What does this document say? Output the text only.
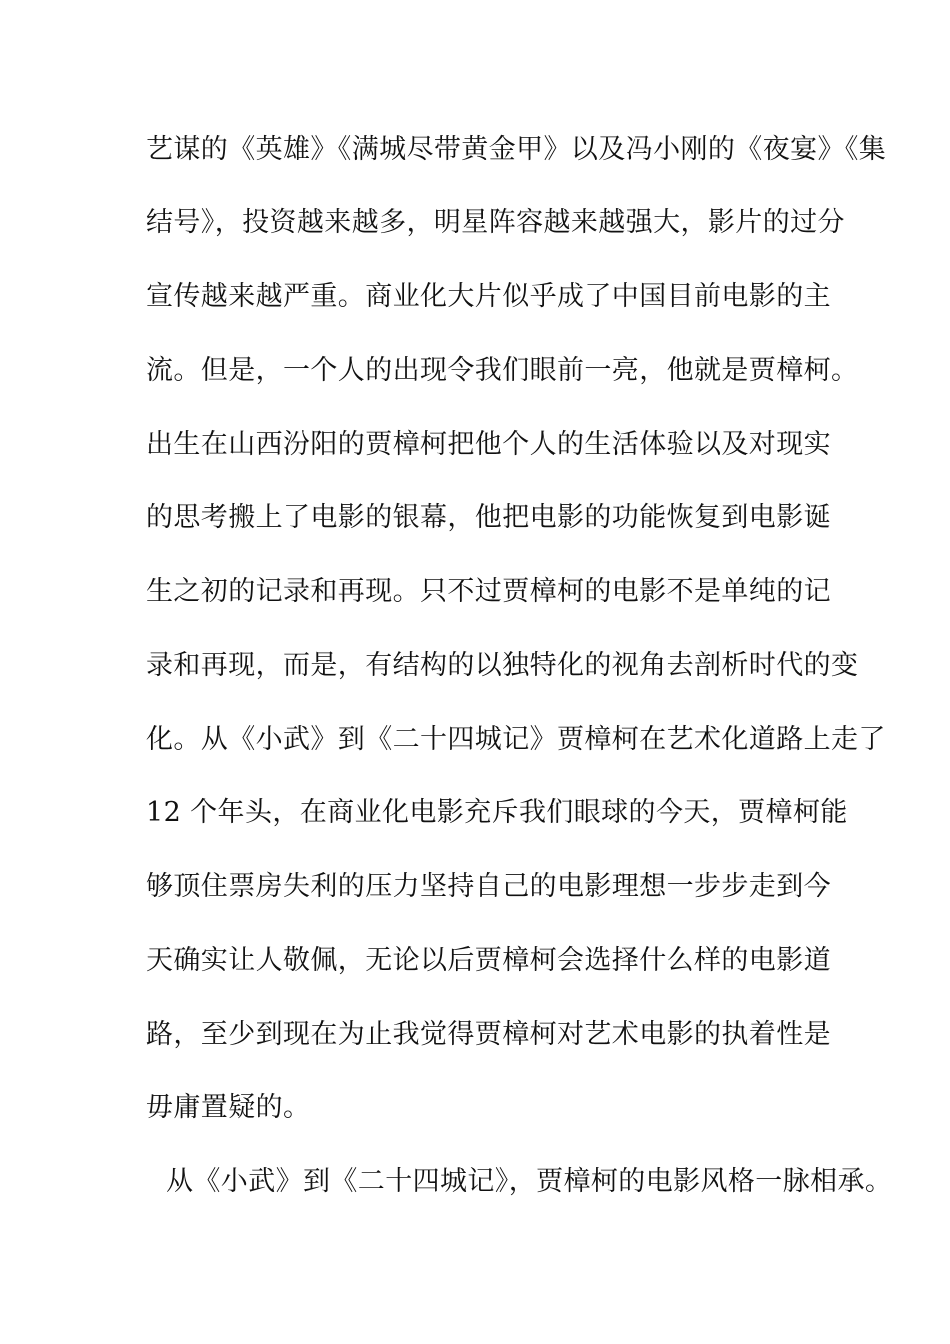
艺谋的《英雄》《满城尽带黄金甲》以及冯小刚的《夜宴》《集
结号》，投资越来越多，明星阵容越来越强大，影片的过分
宣传越来越严重。商业化大片似乎成了中国目前电影的主
流。但是，一个人的出现令我们眼前一亮，他就是贾樟柯。
出生在山西汾阳的贾樟柯把他个人的生活体验以及对现实
的思考搬上了电影的银幕，他把电影的功能恢复到电影诞
生之初的记录和再现。只不过贾樟柯的电影不是单纯的记
录和再现，而是，有结构的以独特化的视角去剖析时代的变
化。从《小武》到《二十四城记》贾樟柯在艺术化道路上走了
12 个年头，在商业化电影充斥我们眼球的今天，贾樟柯能
够顶住票房失利的压力坚持自己的电影理想一步步走到今
天确实让人敬佩，无论以后贾樟柯会选择什么样的电影道
路，至少到现在为止我觉得贾樟柯对艺术电影的执着性是
毋庸置疑的。
从《小武》到《二十四城记》，贾樟柯的电影风格一脉相承。
